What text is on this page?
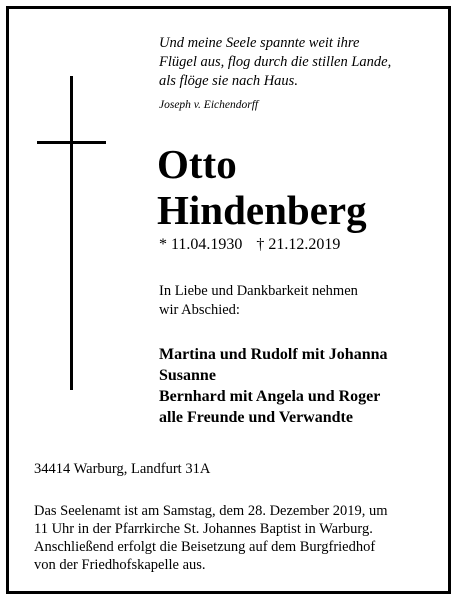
Und meine Seele spannte weit ihre
Flügel aus, flog durch die stillen Lande,
als flöge sie nach Haus.
Joseph v. Eichendorff
Otto
Hindenberg
* 11.04.1930 † 21.12.2019
In Liebe und Dankbarkeit nehmen
wir Abschied:
Martina und Rudolf mit Johanna
Susanne
Bernhard mit Angela und Roger
alle Freunde und Verwandte
34414 Warburg, Landfurt 31A
Das Seelenamt ist am Samstag, dem 28. Dezember 2019, um
11 Uhr in der Pfarrkirche St. Johannes Baptist in Warburg.
Anschließend erfolgt die Beisetzung auf dem Burgfriedhof
von der Friedhofskapelle aus.
